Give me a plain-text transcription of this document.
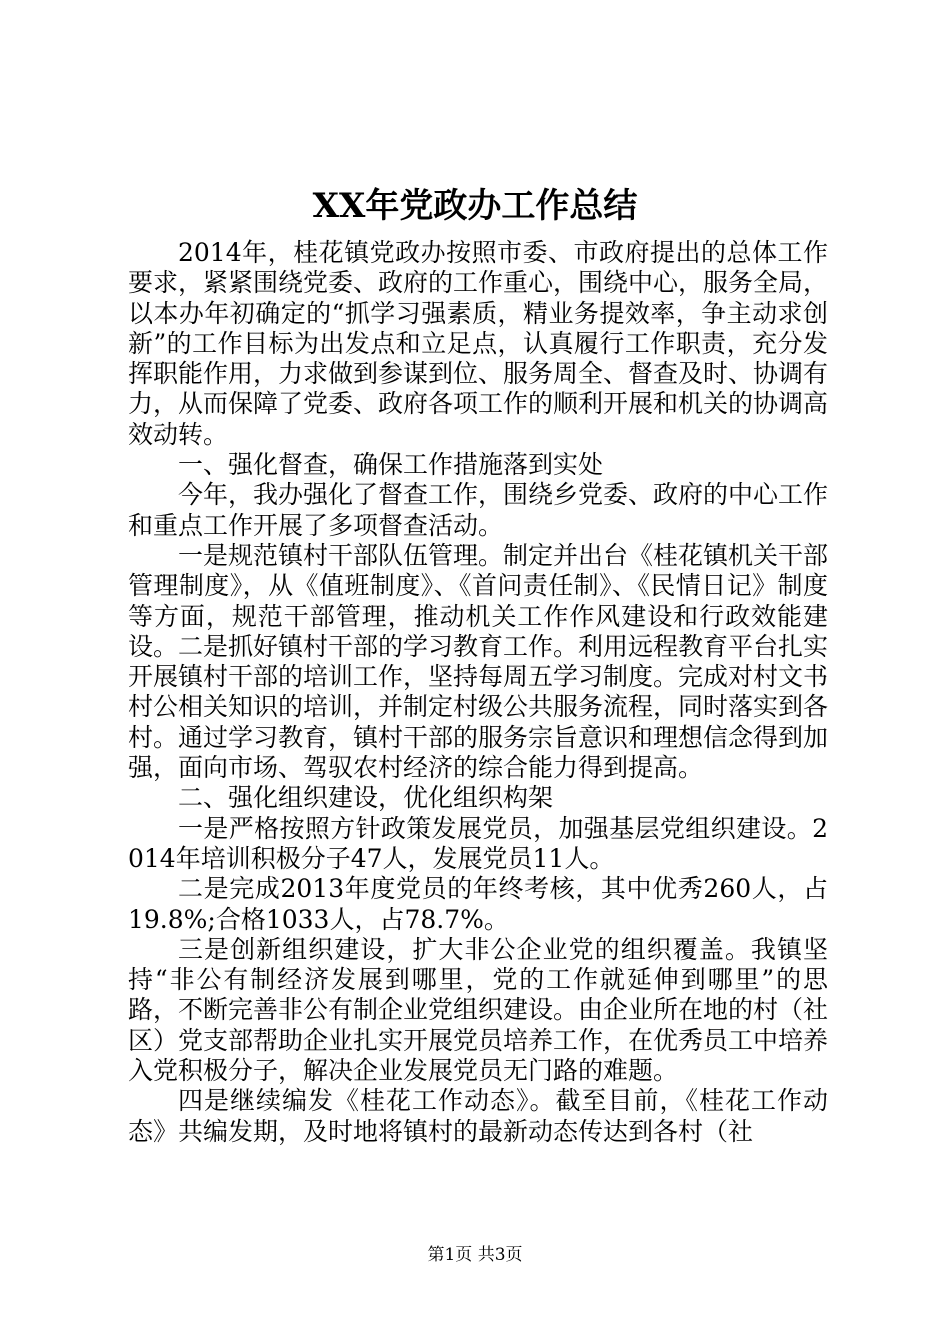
XX年党政办工作总结

2014年，桂花镇党政办按照市委、市政府提出的总体工作要求，紧紧围绕党委、政府的工作重心，围绕中心，服务全局，以本办年初确定的“抓学习强素质，精业务提效率，争主动求创新”的工作目标为出发点和立足点，认真履行工作职责，充分发挥职能作用，力求做到参谋到位、服务周全、督查及时、协调有力，从而保障了党委、政府各项工作的顺利开展和机关的协调高效动转。

一、强化督查，确保工作措施落到实处

今年，我办强化了督查工作，围绕乡党委、政府的中心工作和重点工作开展了多项督查活动。

一是规范镇村干部队伍管理。制定并出台《桂花镇机关干部管理制度》，从《值班制度》、《首问责任制》、《民情日记》制度等方面，规范干部管理，推动机关工作作风建设和行政效能建设。二是抓好镇村干部的学习教育工作。利用远程教育平台扎实开展镇村干部的培训工作，坚持每周五学习制度。完成对村文书村公相关知识的培训，并制定村级公共服务流程，同时落实到各村。通过学习教育，镇村干部的服务宗旨意识和理想信念得到加强，面向市场、驾驭农村经济的综合能力得到提高。

二、强化组织建设，优化组织构架

一是严格按照方针政策发展党员，加强基层党组织建设。2014年培训积极分子47人，发展党员11人。

二是完成2013年度党员的年终考核，其中优秀260人，占19.8%;合格1033人，占78.7%。

三是创新组织建设，扩大非公企业党的组织覆盖。我镇坚持“非公有制经济发展到哪里，党的工作就延伸到哪里”的思路，不断完善非公有制企业党组织建设。由企业所在地的村（社区）党支部帮助企业扎实开展党员培养工作，在优秀员工中培养入党积极分子，解决企业发展党员无门路的难题。

四是继续编发《桂花工作动态》。截至目前，《桂花工作动态》共编发期，及时地将镇村的最新动态传达到各村（社

第1页 共3页
